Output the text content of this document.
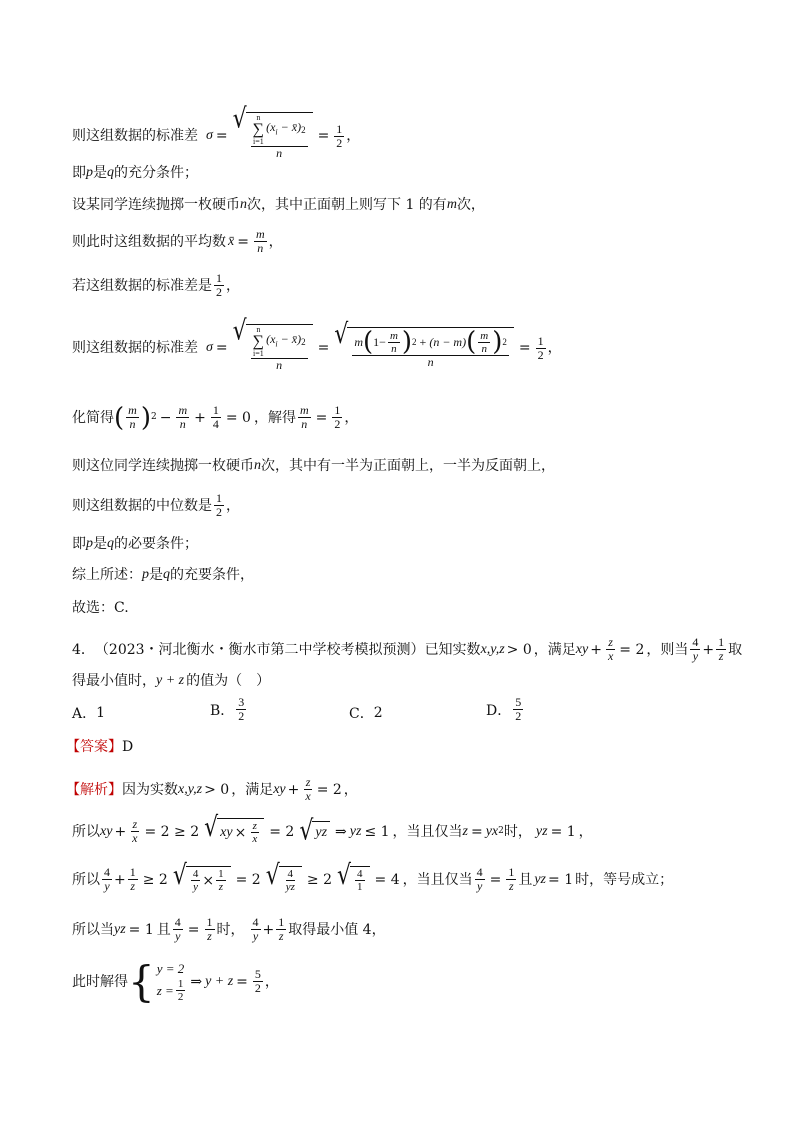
则这组数据的标准差 σ =
√ n
∑
i=1
($x_i$ − x̄) 2
$n = \frac{1}{2}$ ，
即 p 是 q 的充分条件；
设某同学连续抛掷一枚硬币 n 次，其中正面朝上则写下 1 的有 m 次，
则此时这组数据的平均数 x̄ = $\frac{m}{n}$ ，
若这组数据的标准差是 $\frac{1}{2}$ ，
则这组数据的标准差 σ =
√ n
∑
i=1
($x_i$ − x̄) 2
n = √ $\frac{m ( 1- \frac{m}{n} ) 2 + (n - m) ( \frac{m}{n} ) 2}{n} = \frac{1}{2}$ ，
化简得 ( $\frac{m}{n}$ ) $2 - \frac{m}{n} + \frac{1}{4} = 0$ ，解得 $\frac{m}{n} = \frac{1}{2}$ ，
则这位同学连续抛掷一枚硬币 n 次，其中有一半为正面朝上，一半为反面朝上，
则这组数据的中位数是 $\frac{1}{2}$ ，
即 p 是 q 的必要条件；
综上所述： p 是 q 的充要条件，
故选：C.
4． （2023・河北衡水・衡水市第二中学校考模拟预测） 已知实数 x,y,z > 0 ，满足 xy + $\frac{z}{x} = 2$ ，则当 $\frac{4}{y} + \frac{1}{z}$ 取
得最小值时， y + z 的值为（　）
A． 1	B． $\frac{3}{2}$	C． 2	D． $\frac{5}{2}$
【答案】 D
【解析】 因为实数 x,y,z > 0 ，满足 xy + $\frac{z}{x} = 2$ ，
所以 xy + $\frac{z}{x} = 2 \ge 2$ √ xy × $\frac{z}{x} = 2$ √ yz ⇒ yz ≤ 1 ，当且仅当 z = yx 2 时， yz = 1 ，
所以 $\frac{4}{y} + \frac{1}{z} \ge 2$ √ $\frac{4}{y} \times \frac{1}{z} = 2$ √ $\frac{4}{yz} \ge 2$ √ $\frac{4}{1} = 4$ ，当且仅当 $\frac{4}{y} = \frac{1}{z}$ 且 yz = 1 时，等号成立；
所以当 yz = 1 且 $\frac{4}{y} = \frac{1}{z}$ 时， $\frac{4}{y} + \frac{1}{z}$ 取得最小值 4，
此时解得 { y = 2
$z = \frac{1}{2}$ ⇒ $y + z = \frac{5}{2}$ ，
